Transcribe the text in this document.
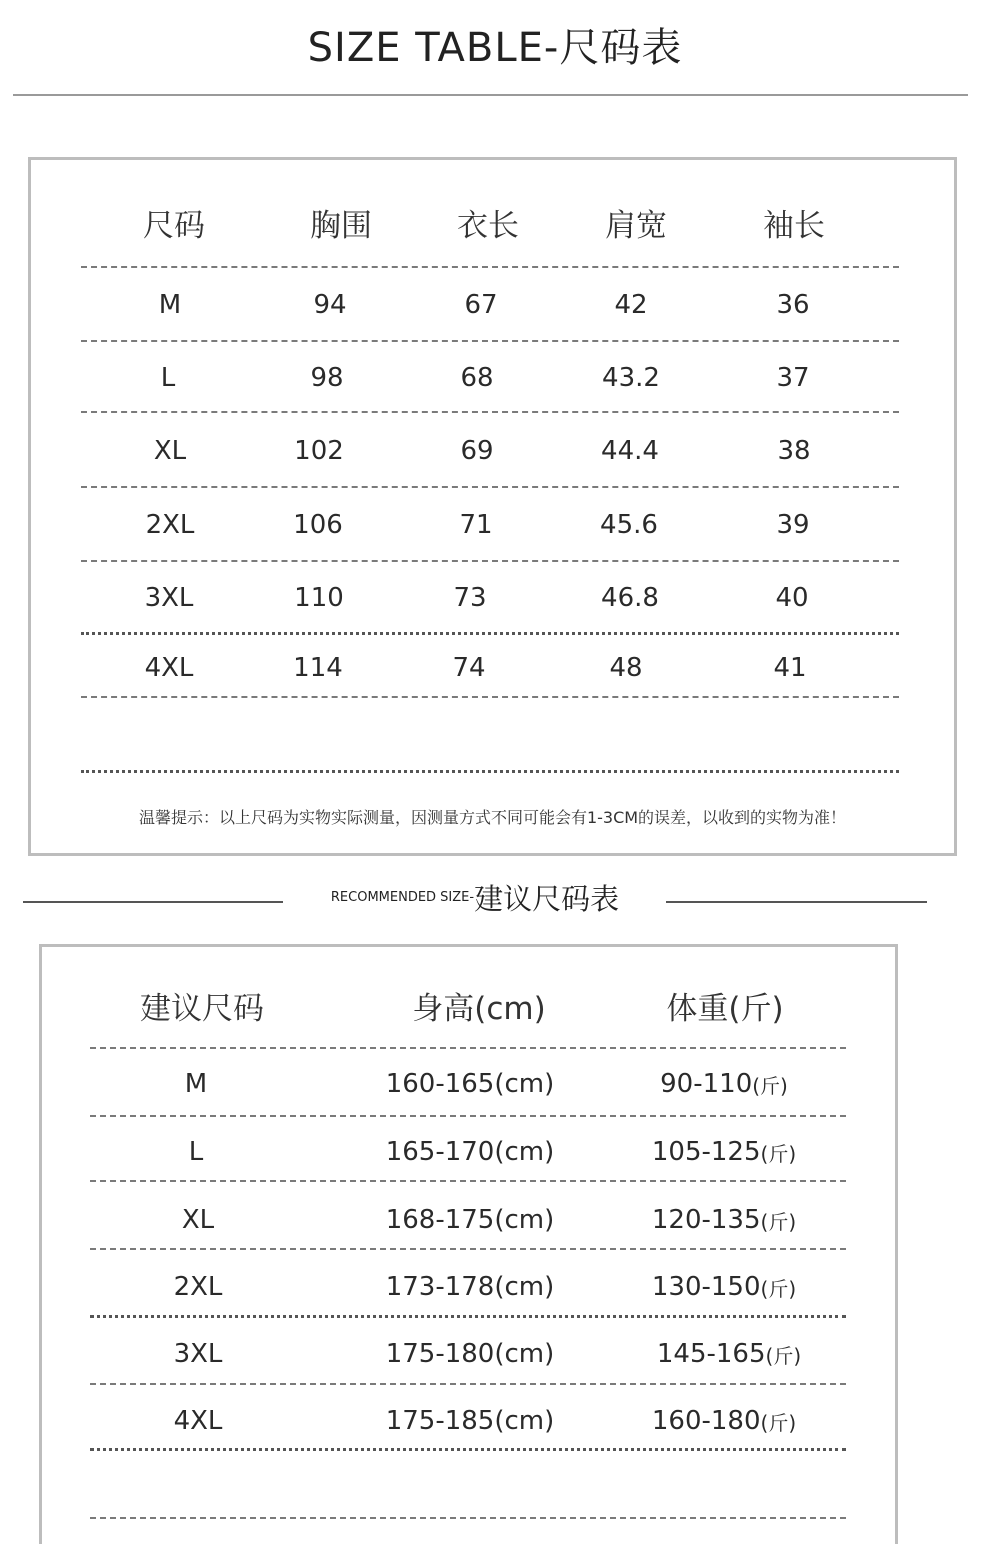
SIZE TABLE-尺码表
尺码	胸围	衣长	肩宽	袖长
M	94	67	42	36
L	98	68	43.2	37
XL	102	69	44.4	38
2XL	106	71	45.6	39
3XL	110	73	46.8	40
4XL	114	74	48	41
温馨提示：以上尺码为实物实际测量，因测量方式不同可能会有1-3CM的误差，以收到的实物为准！
RECOMMENDED SIZE- 建议尺码表
建议尺码	身高(cm)	体重(斤)
M	160-165(cm)	90-110 (斤)
L	165-170(cm)	105-125 (斤)
XL	168-175(cm)	120-135 (斤)
2XL	173-178(cm)	130-150 (斤)
3XL	175-180(cm)	145-165 (斤)
4XL	175-185(cm)	160-180 (斤)
